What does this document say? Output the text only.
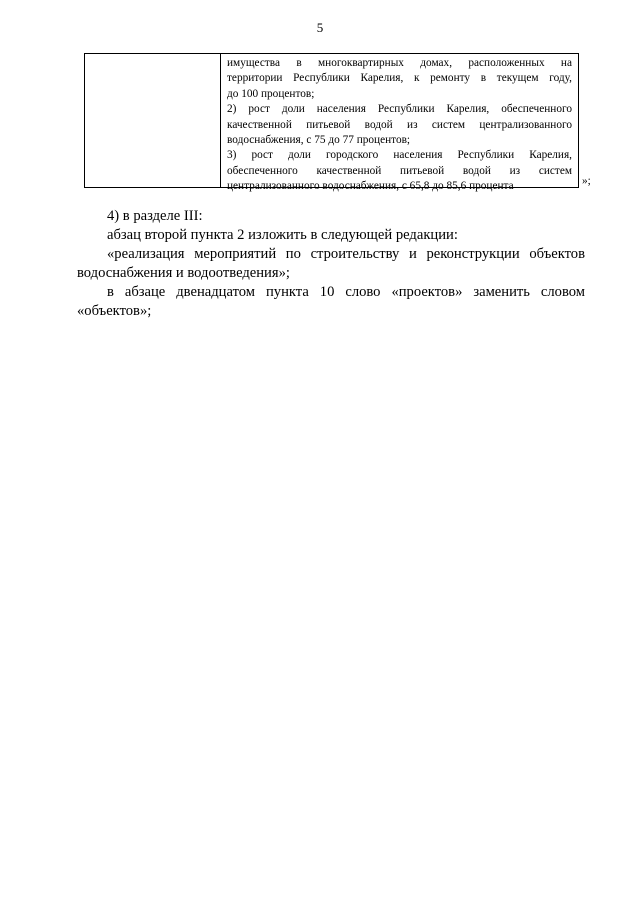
5

имущества в многоквартирных домах, расположенных на

территории Республики Карелия, к ремонту в текущем году,

до 100 процентов;

2) рост доли населения Республики Карелия, обеспеченного

качественной питьевой водой из систем централизованного

водоснабжения, с 75 до 77 процентов;

3) рост доли городского населения Республики Карелия,

обеспеченного качественной питьевой водой из систем

централизованного водоснабжения, с 65,8 до 85,6 процента	»;

4) в разделе III:

абзац второй пункта 2 изложить в следующей редакции:

«реализация мероприятий по строительству и реконструкции объектов

водоснабжения и водоотведения»;

в абзаце двенадцатом пункта 10 слово «проектов» заменить словом

«объектов»;
